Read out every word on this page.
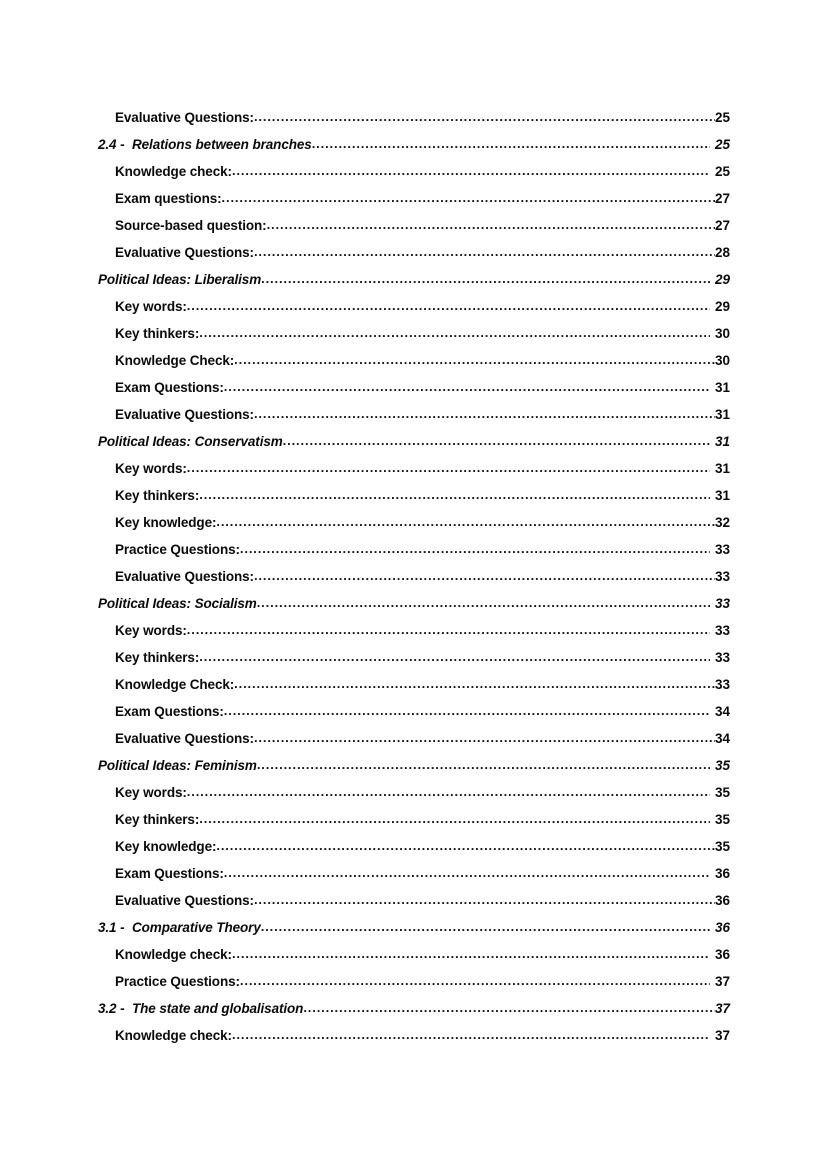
Evaluative Questions: .....	25
2.4 - Relations between branches .....	25
Knowledge check: .....	25
Exam questions: .....	27
Source-based question: .....	27
Evaluative Questions: .....	28
Political Ideas: Liberalism .....	29
Key words: .....	29
Key thinkers: .....	30
Knowledge Check: .....	30
Exam Questions: .....	31
Evaluative Questions: .....	31
Political Ideas: Conservatism .....	31
Key words: .....	31
Key thinkers: .....	31
Key knowledge: .....	32
Practice Questions: .....	33
Evaluative Questions: .....	33
Political Ideas: Socialism .....	33
Key words: .....	33
Key thinkers: .....	33
Knowledge Check: .....	33
Exam Questions: .....	34
Evaluative Questions: .....	34
Political Ideas: Feminism .....	35
Key words: .....	35
Key thinkers: .....	35
Key knowledge: .....	35
Exam Questions: .....	36
Evaluative Questions: .....	36
3.1 - Comparative Theory .....	36
Knowledge check: .....	36
Practice Questions: .....	37
3.2 - The state and globalisation .....	37
Knowledge check: .....	37
